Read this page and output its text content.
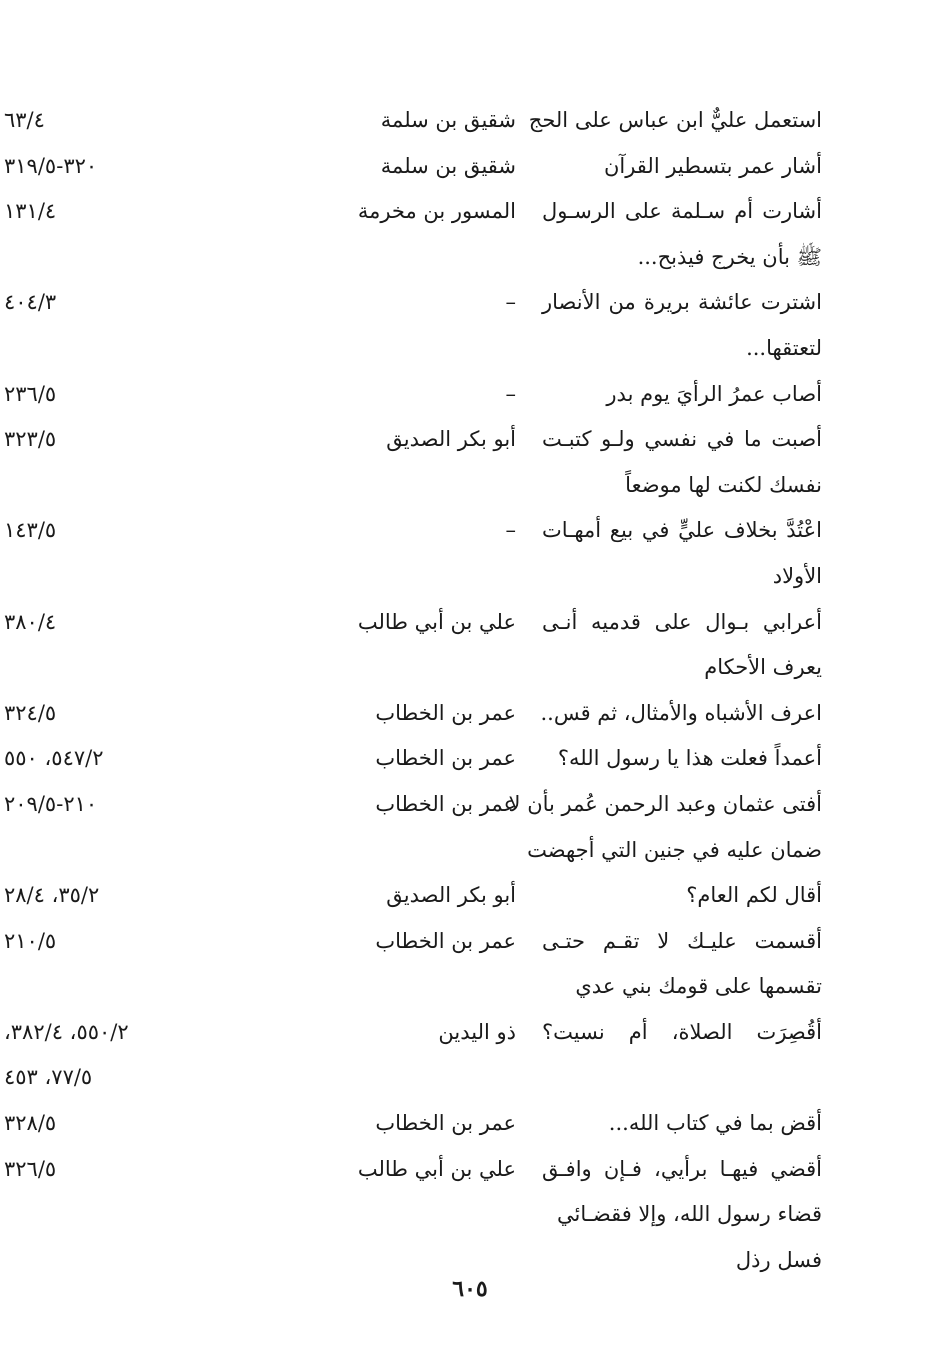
استعمل عليٌّ ابن عباس على الحج
شقيق بن سلمة
٦٣/٤
أشار عمر بتسطير القرآن
شقيق بن سلمة
٣٢٠-٣١٩/٥
أشارت أم سـلمة على الرسـول
المسور بن مخرمة
١٣١/٤
ﷺ بأن يخرج فيذبح...
اشترت عائشة بريرة من الأنصار
–
٤٠٤/٣
لتعتقها...
أصاب عمرُ الرأيَ يوم بدر
–
٢٣٦/٥
أصبت ما في نفسي ولـو كتبـت
أبو بكر الصديق
٣٢٣/٥
نفسك لكنت لها موضعاً
اعْتُدَّ بخلاف عليٍّ في بيع أمهـات
–
١٤٣/٥
الأولاد
أعرابي بـوال على قدميه أنـى
علي بن أبي طالب
٣٨٠/٤
يعرف الأحكام
اعرف الأشباه والأمثال، ثم قس..
عمر بن الخطاب
٣٢٤/٥
أعمداً فعلت هذا يا رسول الله؟
عمر بن الخطاب
٥٤٧/٢، ٥٥٠
أفتى عثمان وعبد الرحمن عُمر بأن لا
عمر بن الخطاب
٢١٠-٢٠٩/٥
ضمان عليه في جنين التي أجهضت
أقال لكم العام؟
أبو بكر الصديق
٣٥/٢، ٢٨/٤
أقسمت عليـك لا تقـم حتـى
عمر بن الخطاب
٢١٠/٥
تقسمها على قومك بني عدي
أقُصِرَت الصلاة، أم نسيت؟
ذو اليدين
٥٥٠/٢، ٣٨٢/٤،
٧٧/٥، ٤٥٣
أقض بما في كتاب الله...
عمر بن الخطاب
٣٢٨/٥
أقضي فيهـا برأيي، فـإن وافـق
علي بن أبي طالب
٣٢٦/٥
قضاء رسول الله، وإلا فقضـائي
فسل رذل
٦٠٥
